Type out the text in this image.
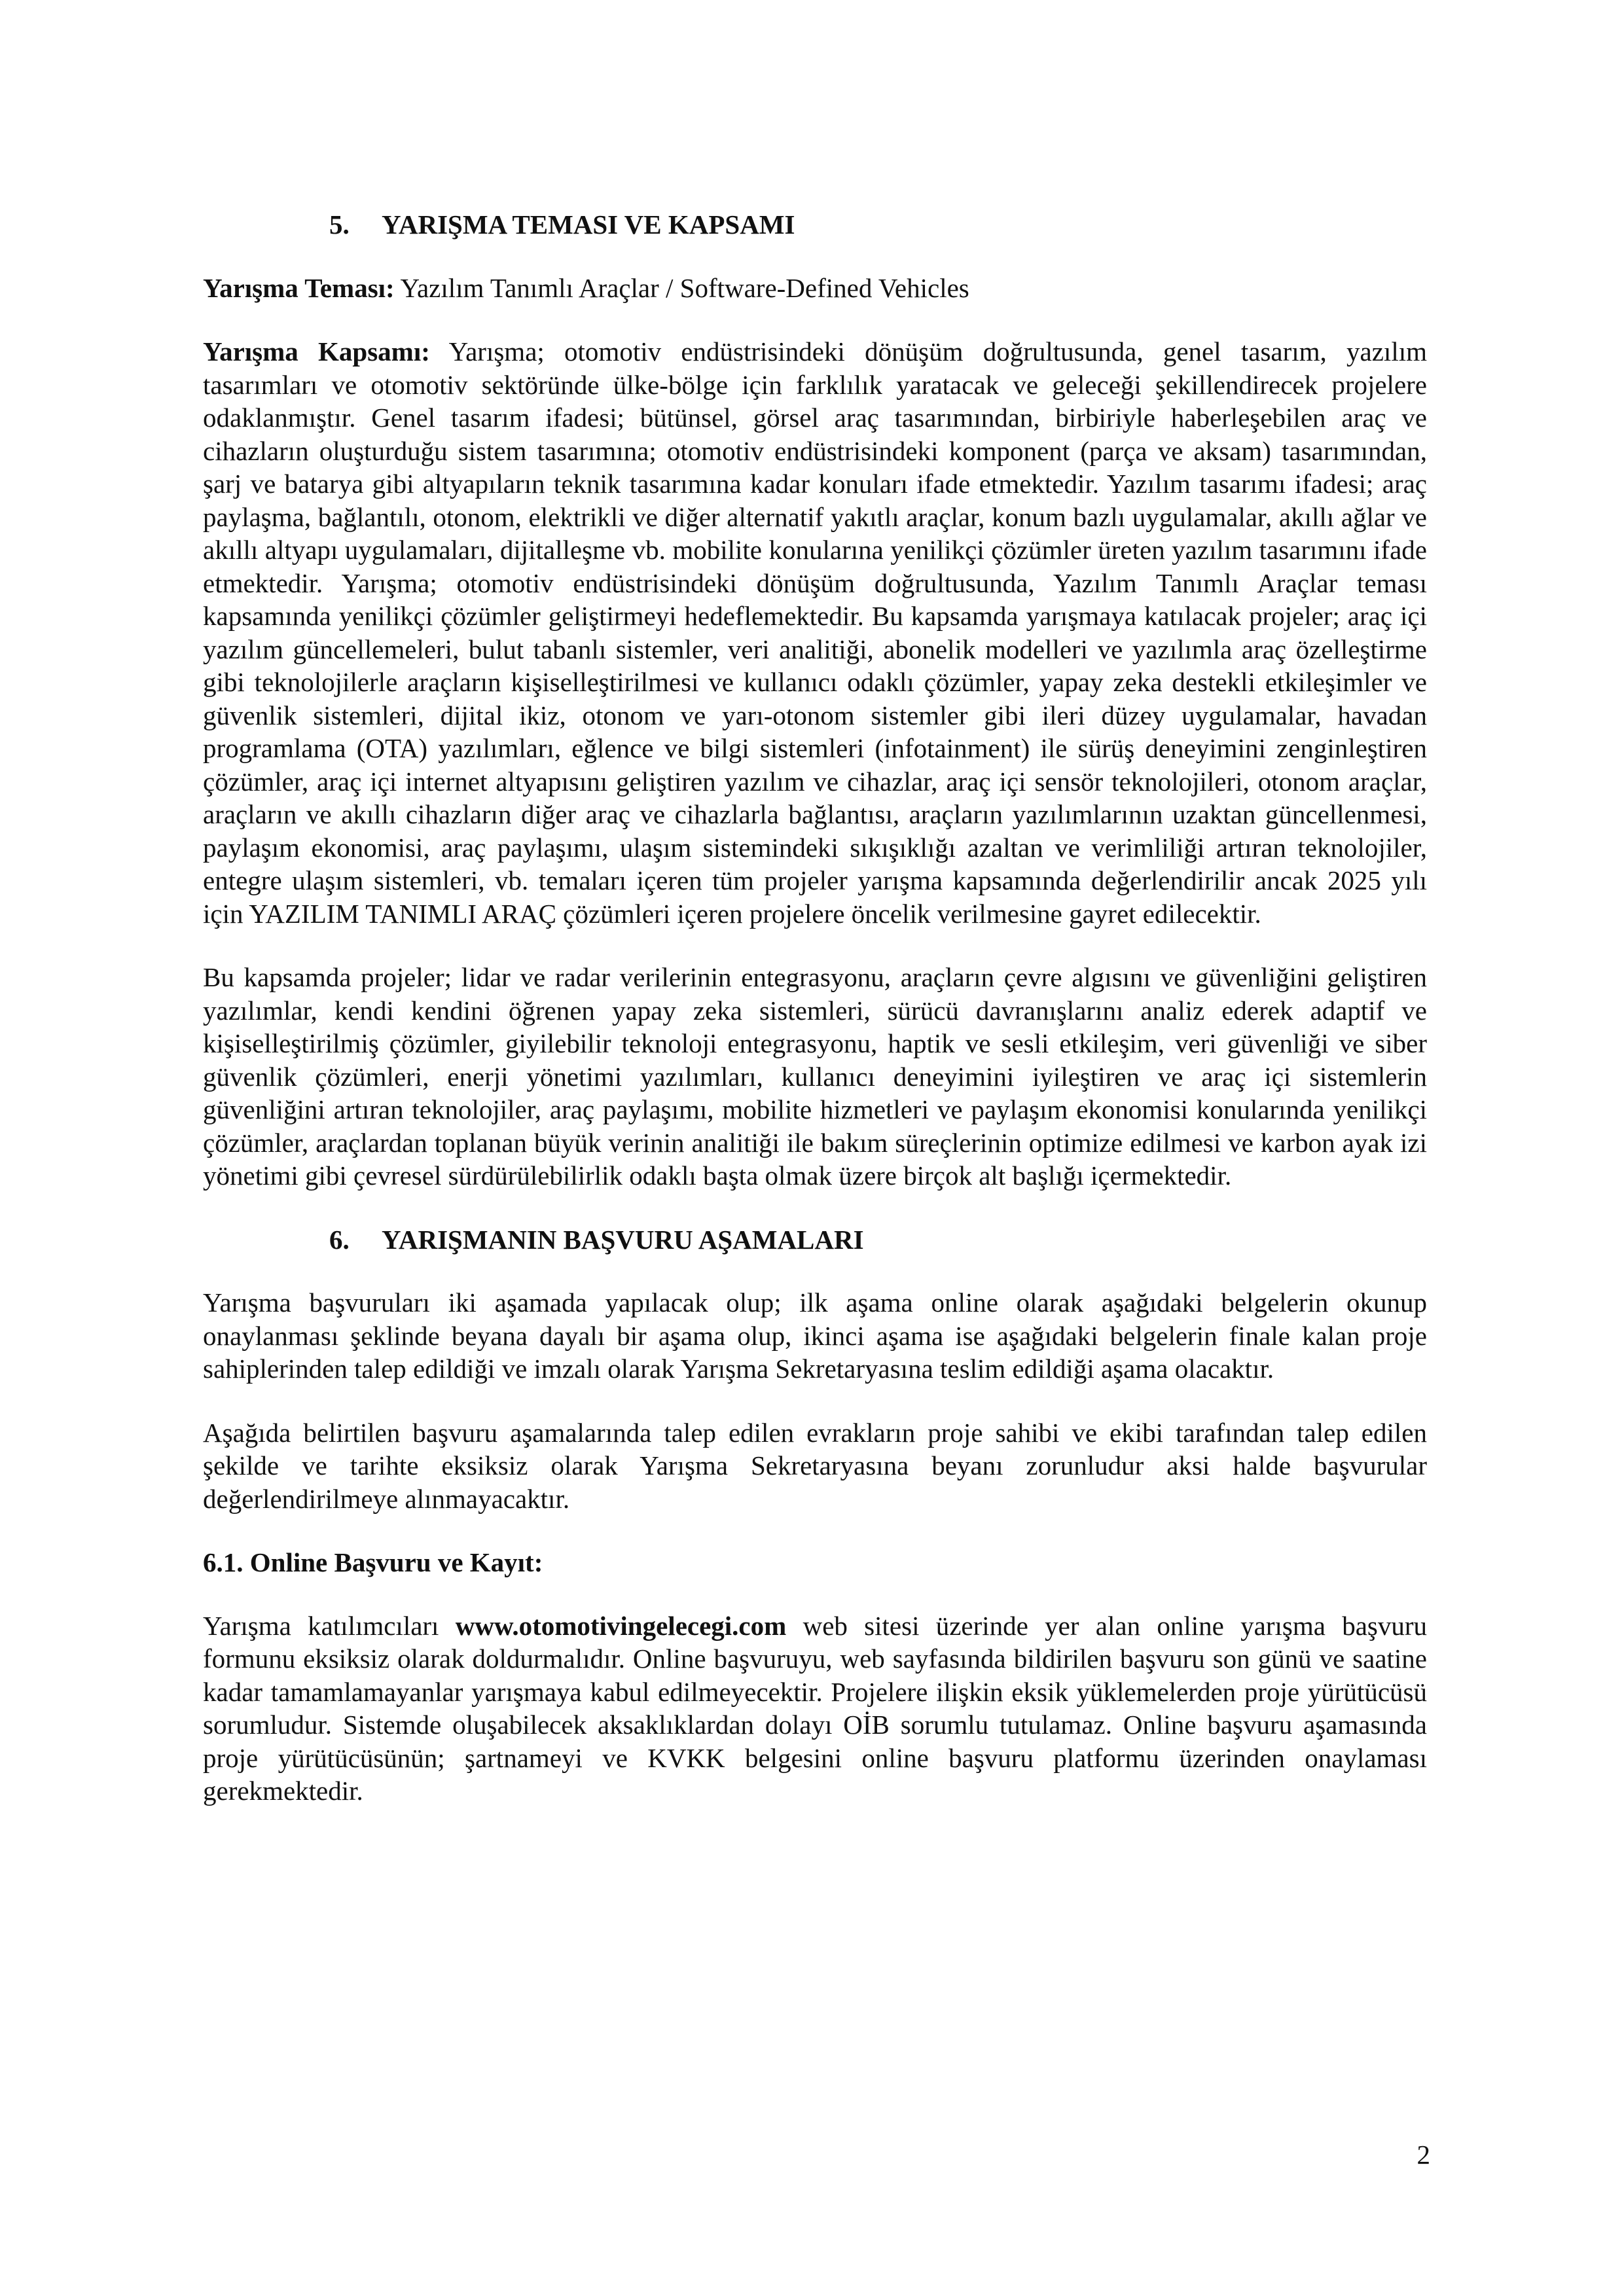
5. YARIŞMA TEMASI VE KAPSAMI

Yarışma Teması: Yazılım Tanımlı Araçlar / Software-Defined Vehicles

Yarışma Kapsamı: Yarışma; otomotiv endüstrisindeki dönüşüm doğrultusunda, genel tasarım, yazılım tasarımları ve otomotiv sektöründe ülke-bölge için farklılık yaratacak ve geleceği şekillendirecek projelere odaklanmıştır. Genel tasarım ifadesi; bütünsel, görsel araç tasarımından, birbiriyle haberleşebilen araç ve cihazların oluşturduğu sistem tasarımına; otomotiv endüstrisindeki komponent (parça ve aksam) tasarımından, şarj ve batarya gibi altyapıların teknik tasarımına kadar konuları ifade etmektedir. Yazılım tasarımı ifadesi; araç paylaşma, bağlantılı, otonom, elektrikli ve diğer alternatif yakıtlı araçlar, konum bazlı uygulamalar, akıllı ağlar ve akıllı altyapı uygulamaları, dijitalleşme vb. mobilite konularına yenilikçi çözümler üreten yazılım tasarımını ifade etmektedir. Yarışma; otomotiv endüstrisindeki dönüşüm doğrultusunda, Yazılım Tanımlı Araçlar teması kapsamında yenilikçi çözümler geliştirmeyi hedeflemektedir. Bu kapsamda yarışmaya katılacak projeler; araç içi yazılım güncellemeleri, bulut tabanlı sistemler, veri analitiği, abonelik modelleri ve yazılımla araç özelleştirme gibi teknolojilerle araçların kişiselleştirilmesi ve kullanıcı odaklı çözümler, yapay zeka destekli etkileşimler ve güvenlik sistemleri, dijital ikiz, otonom ve yarı-otonom sistemler gibi ileri düzey uygulamalar, havadan programlama (OTA) yazılımları, eğlence ve bilgi sistemleri (infotainment) ile sürüş deneyimini zenginleştiren çözümler, araç içi internet altyapısını geliştiren yazılım ve cihazlar, araç içi sensör teknolojileri, otonom araçlar, araçların ve akıllı cihazların diğer araç ve cihazlarla bağlantısı, araçların yazılımlarının uzaktan güncellenmesi, paylaşım ekonomisi, araç paylaşımı, ulaşım sistemindeki sıkışıklığı azaltan ve verimliliği artıran teknolojiler, entegre ulaşım sistemleri, vb. temaları içeren tüm projeler yarışma kapsamında değerlendirilir ancak 2025 yılı için YAZILIM TANIMLI ARAÇ çözümleri içeren projelere öncelik verilmesine gayret edilecektir.

Bu kapsamda projeler; lidar ve radar verilerinin entegrasyonu, araçların çevre algısını ve güvenliğini geliştiren yazılımlar, kendi kendini öğrenen yapay zeka sistemleri, sürücü davranışlarını analiz ederek adaptif ve kişiselleştirilmiş çözümler, giyilebilir teknoloji entegrasyonu, haptik ve sesli etkileşim, veri güvenliği ve siber güvenlik çözümleri, enerji yönetimi yazılımları, kullanıcı deneyimini iyileştiren ve araç içi sistemlerin güvenliğini artıran teknolojiler, araç paylaşımı, mobilite hizmetleri ve paylaşım ekonomisi konularında yenilikçi çözümler, araçlardan toplanan büyük verinin analitiği ile bakım süreçlerinin optimize edilmesi ve karbon ayak izi yönetimi gibi çevresel sürdürülebilirlik odaklı başta olmak üzere birçok alt başlığı içermektedir.

6. YARIŞMANIN BAŞVURU AŞAMALARI

Yarışma başvuruları iki aşamada yapılacak olup; ilk aşama online olarak aşağıdaki belgelerin okunup onaylanması şeklinde beyana dayalı bir aşama olup, ikinci aşama ise aşağıdaki belgelerin finale kalan proje sahiplerinden talep edildiği ve imzalı olarak Yarışma Sekretaryasına teslim edildiği aşama olacaktır.

Aşağıda belirtilen başvuru aşamalarında talep edilen evrakların proje sahibi ve ekibi tarafından talep edilen şekilde ve tarihte eksiksiz olarak Yarışma Sekretaryasına beyanı zorunludur aksi halde başvurular değerlendirilmeye alınmayacaktır.

6.1. Online Başvuru ve Kayıt:

Yarışma katılımcıları www.otomotivingelecegi.com web sitesi üzerinde yer alan online yarışma başvuru formunu eksiksiz olarak doldurmalıdır. Online başvuruyu, web sayfasında bildirilen başvuru son günü ve saatine kadar tamamlamayanlar yarışmaya kabul edilmeyecektir. Projelere ilişkin eksik yüklemelerden proje yürütücüsü sorumludur. Sistemde oluşabilecek aksaklıklardan dolayı OİB sorumlu tutulamaz. Online başvuru aşamasında proje yürütücüsünün; şartnameyi ve KVKK belgesini online başvuru platformu üzerinden onaylaması gerekmektedir.

2
